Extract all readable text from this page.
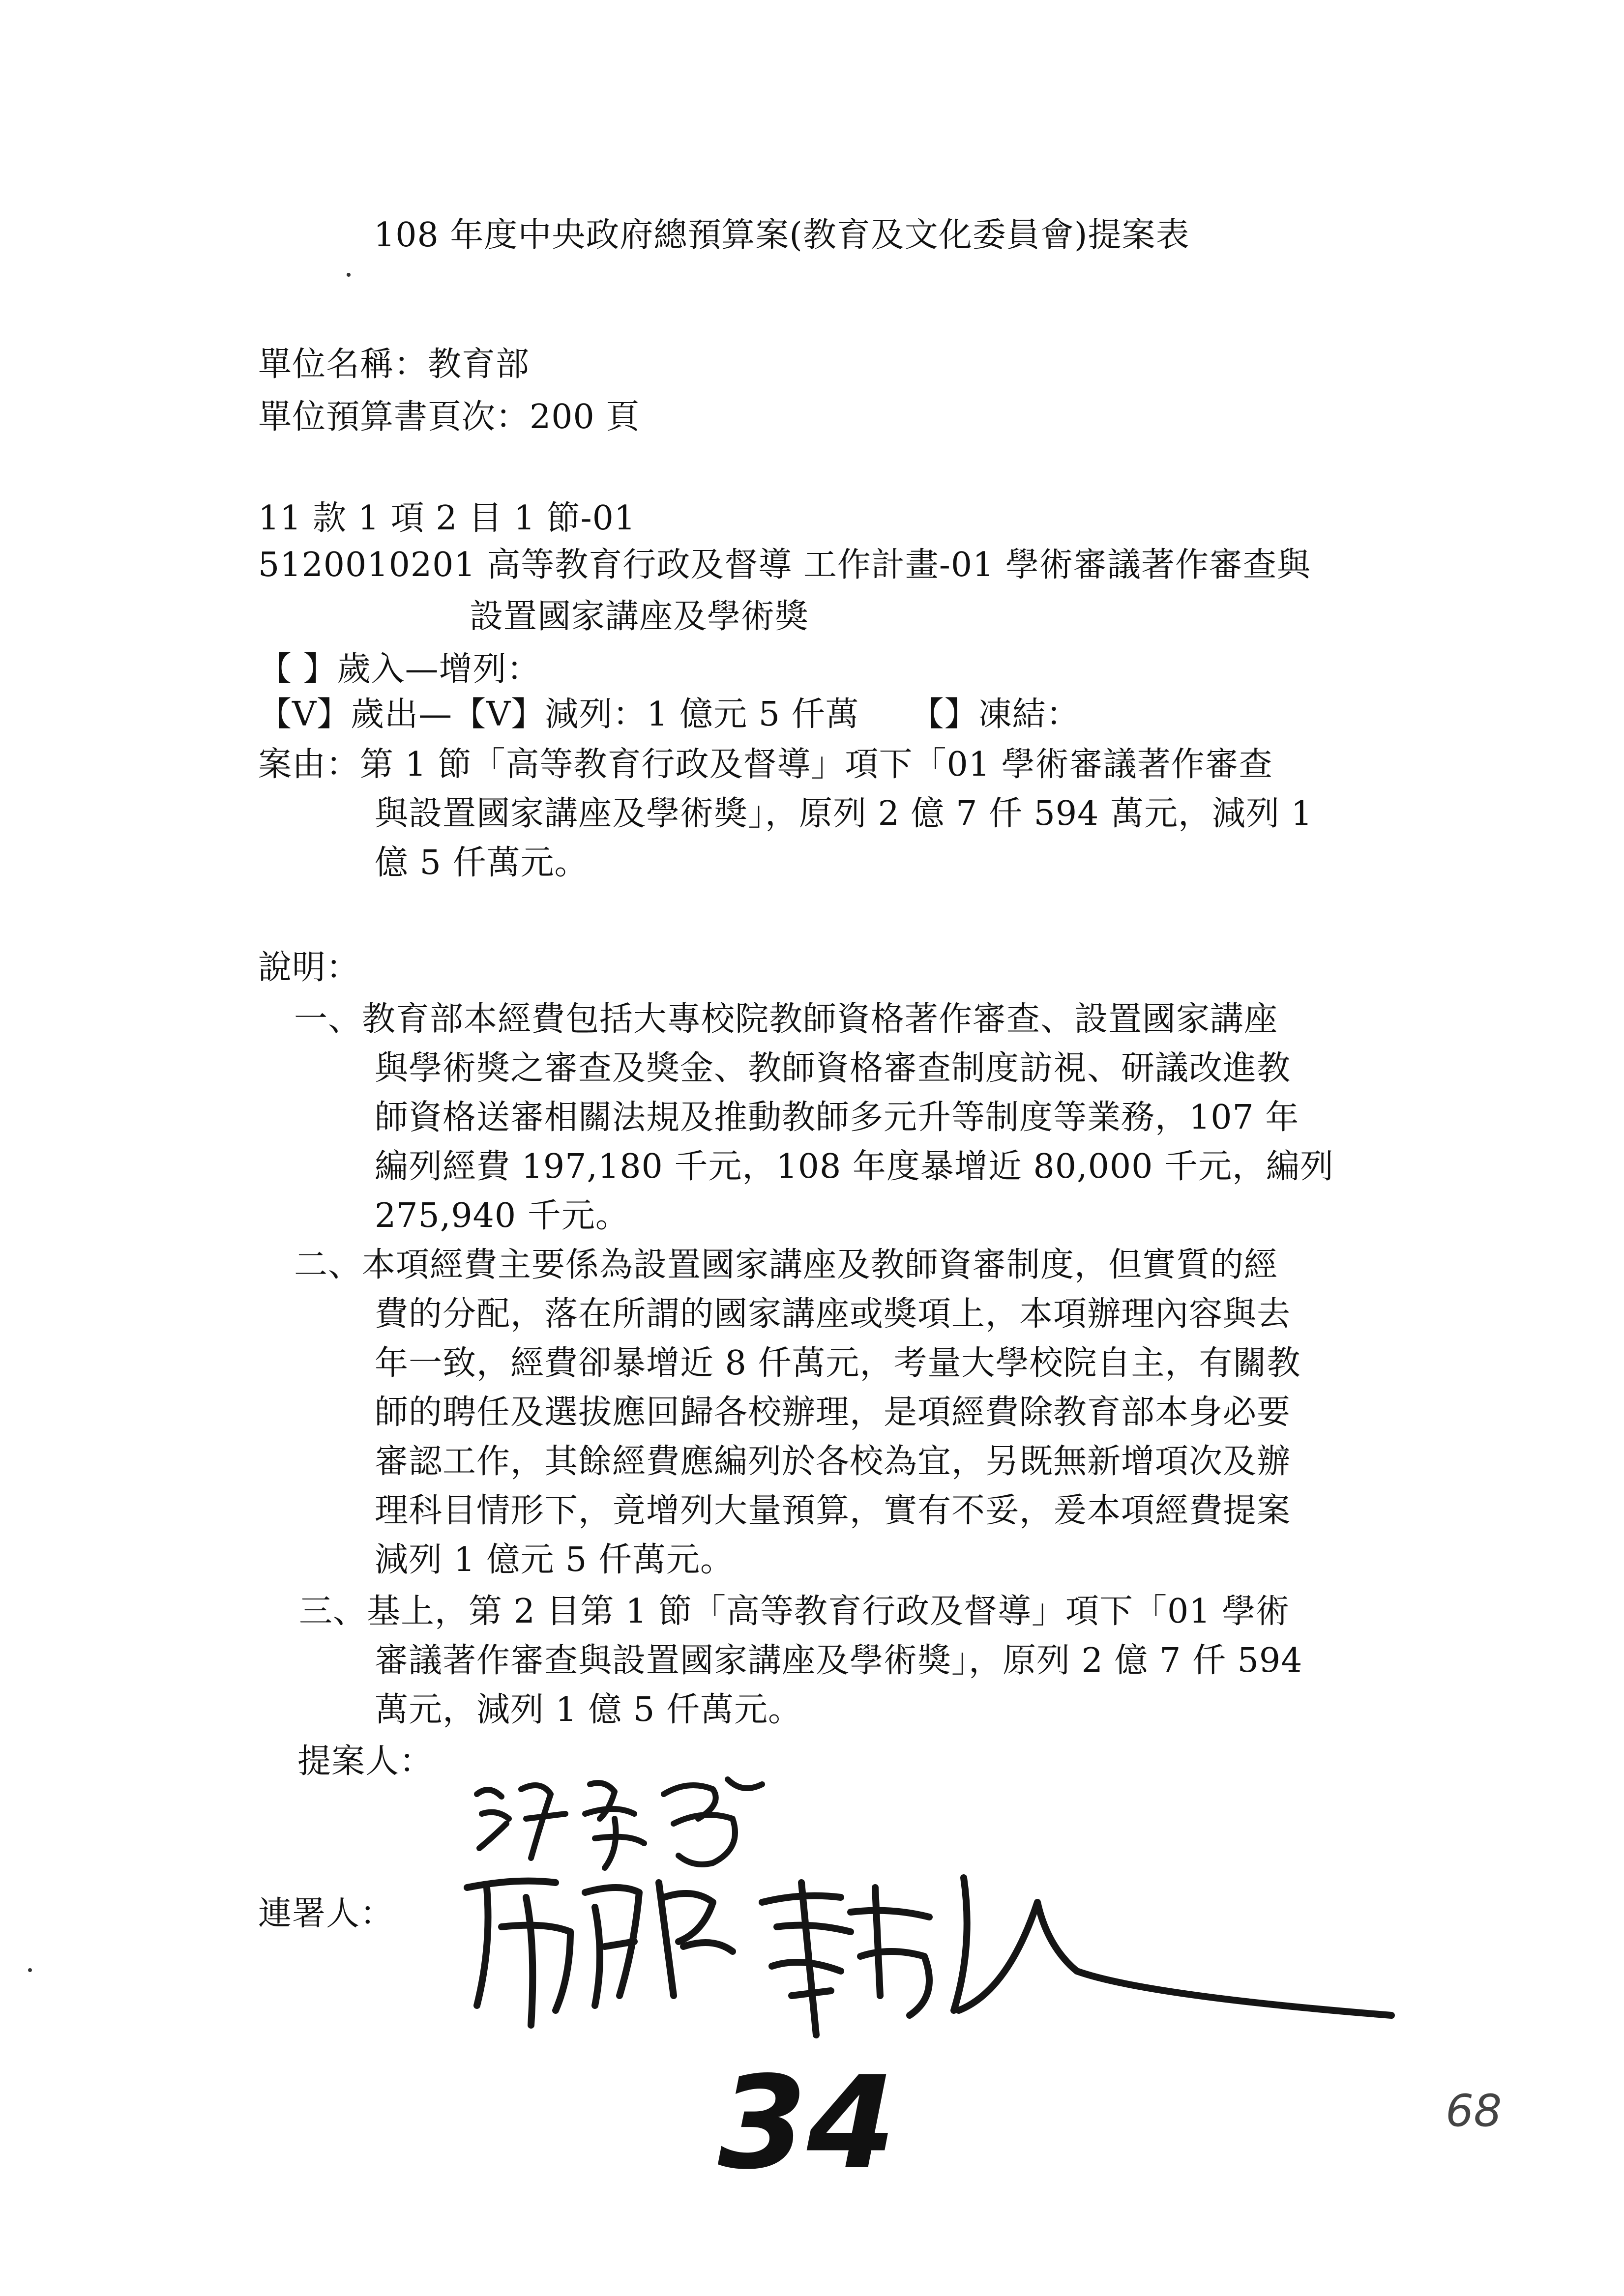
108 年度中央政府總預算案(教育及文化委員會)提案表
單位名稱：教育部
單位預算書頁次：200 頁
11 款 1 項 2 目 1 節-01
5120010201 高等教育行政及督導 工作計畫-01 學術審議著作審查與
設置國家講座及學術獎
【 】歲入—增列：
【V】歲出—【V】減列：1 億元 5 仟萬　　【】凍結：
案由：第 1 節「高等教育行政及督導」項下「01 學術審議著作審查
與設置國家講座及學術獎」，原列 2 億 7 仟 594 萬元，減列 1
億 5 仟萬元。
說明：
一、教育部本經費包括大專校院教師資格著作審查、設置國家講座
與學術獎之審查及獎金、教師資格審查制度訪視、研議改進教
師資格送審相關法規及推動教師多元升等制度等業務，107 年
編列經費 197,180 千元，108 年度暴增近 80,000 千元，編列
275,940 千元。
二、本項經費主要係為設置國家講座及教師資審制度，但實質的經
費的分配，落在所謂的國家講座或獎項上，本項辦理內容與去
年一致，經費卻暴增近 8 仟萬元，考量大學校院自主，有關教
師的聘任及選拔應回歸各校辦理，是項經費除教育部本身必要
審認工作，其餘經費應編列於各校為宜，另既無新增項次及辦
理科目情形下，竟增列大量預算，實有不妥，爰本項經費提案
減列 1 億元 5 仟萬元。
三、基上，第 2 目第 1 節「高等教育行政及督導」項下「01 學術
審議著作審查與設置國家講座及學術獎」，原列 2 億 7 仟 594
萬元，減列 1 億 5 仟萬元。
提案人：
連署人：
34	68
